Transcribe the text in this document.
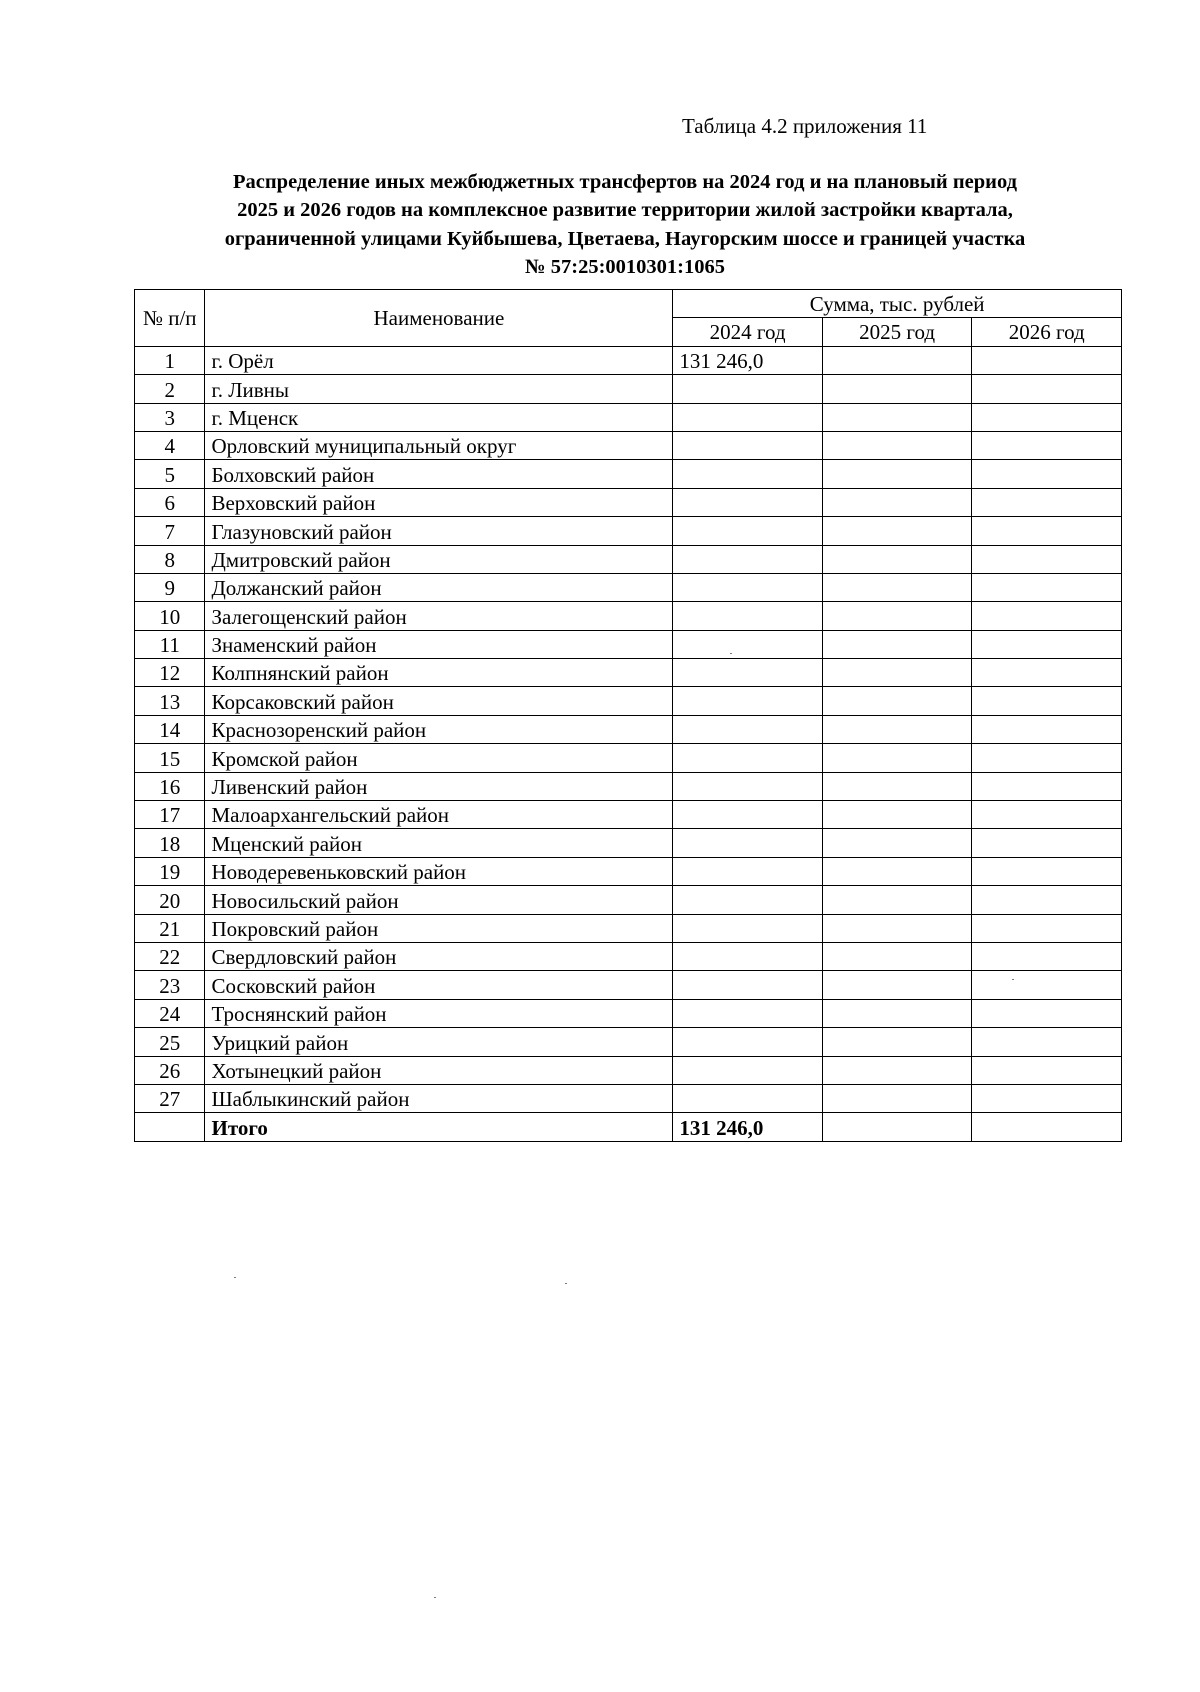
Таблица 4.2 приложения 11
Распределение иных межбюджетных трансфертов на 2024 год и на плановый период
2025 и 2026 годов на комплексное развитие территории жилой застройки квартала,
ограниченной улицами Куйбышева, Цветаева, Наугорским шоссе и границей участка
№ 57:25:0010301:1065
№ п/п	Наименование	Сумма, тыс. рублей		
		2024 год	2025 год	2026 год
1	г. Орёл	131 246,0		
2	г. Ливны			
3	г. Мценск			
4	Орловский муниципальный округ			
5	Болховский район			
6	Верховский район			
7	Глазуновский район			
8	Дмитровский район			
9	Должанский район			
10	Залегощенский район			
11	Знаменский район			
12	Колпнянский район			
13	Корсаковский район			
14	Краснозоренский район			
15	Кромской район			
16	Ливенский район			
17	Малоархангельский район			
18	Мценский район			
19	Новодеревеньковский район			
20	Новосильский район			
21	Покровский район			
22	Свердловский район			
23	Сосковский район			
24	Троснянский район			
25	Урицкий район			
26	Хотынецкий район			
27	Шаблыкинский район			
	Итого	131 246,0		
